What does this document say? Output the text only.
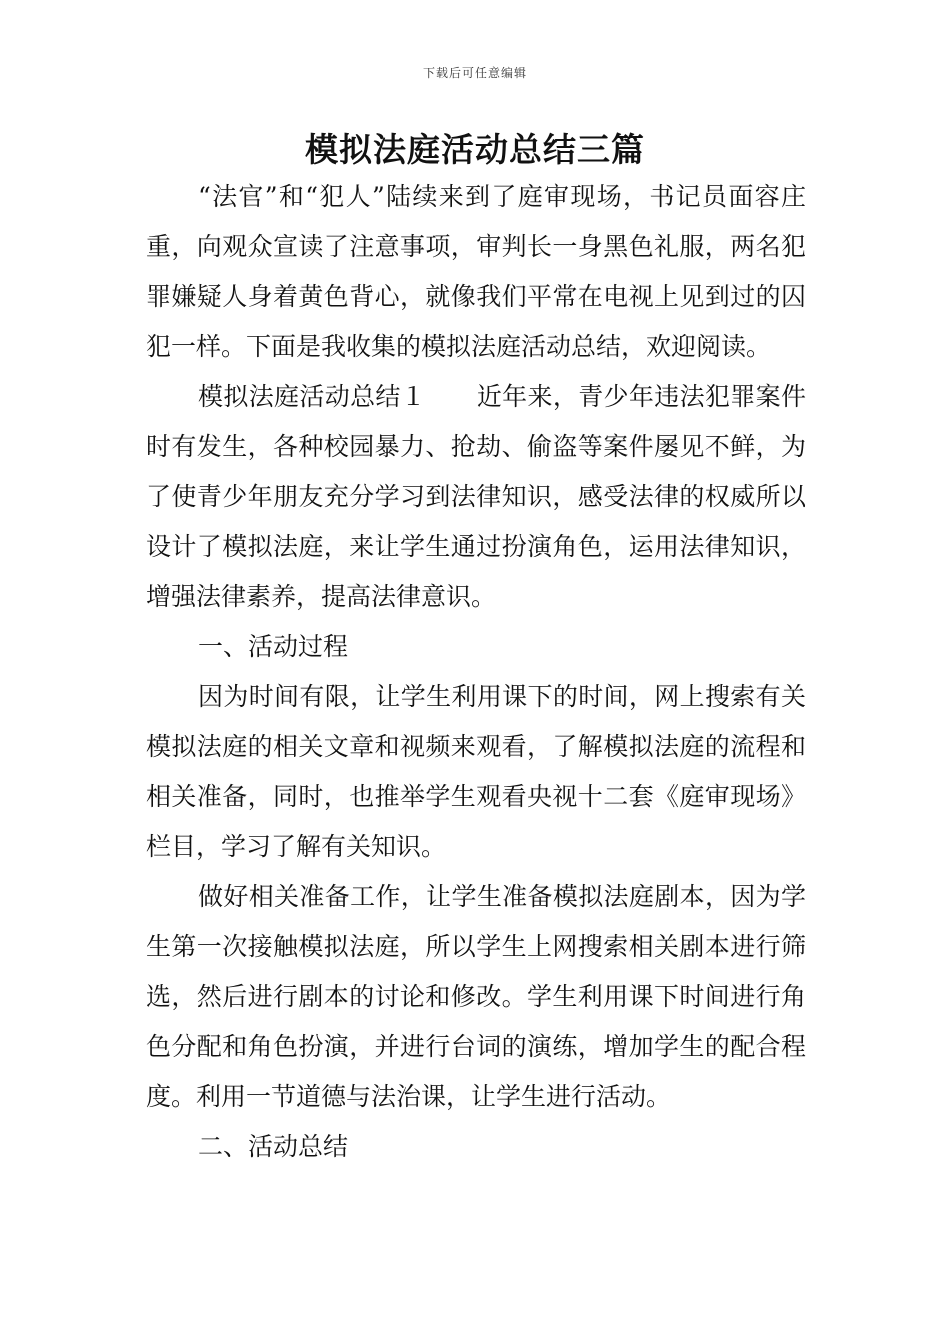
下载后可任意编辑
模拟法庭活动总结三篇

“法官”和“犯人”陆续来到了庭审现场，书记员面容庄重，向观众宣读了注意事项，审判长一身黑色礼服，两名犯罪嫌疑人身着黄色背心，就像我们平常在电视上见到过的囚犯一样。下面是我收集的模拟法庭活动总结，欢迎阅读。

模拟法庭活动总结１　　近年来，青少年违法犯罪案件时有发生，各种校园暴力、抢劫、偷盗等案件屡见不鲜，为了使青少年朋友充分学习到法律知识，感受法律的权威所以设计了模拟法庭，来让学生通过扮演角色，运用法律知识，增强法律素养，提高法律意识。

一、活动过程

因为时间有限，让学生利用课下的时间，网上搜索有关模拟法庭的相关文章和视频来观看，了解模拟法庭的流程和相关准备，同时，也推举学生观看央视十二套《庭审现场》栏目，学习了解有关知识。

做好相关准备工作，让学生准备模拟法庭剧本，因为学生第一次接触模拟法庭，所以学生上网搜索相关剧本进行筛选，然后进行剧本的讨论和修改。学生利用课下时间进行角色分配和角色扮演，并进行台词的演练，增加学生的配合程度。利用一节道德与法治课，让学生进行活动。

二、活动总结
